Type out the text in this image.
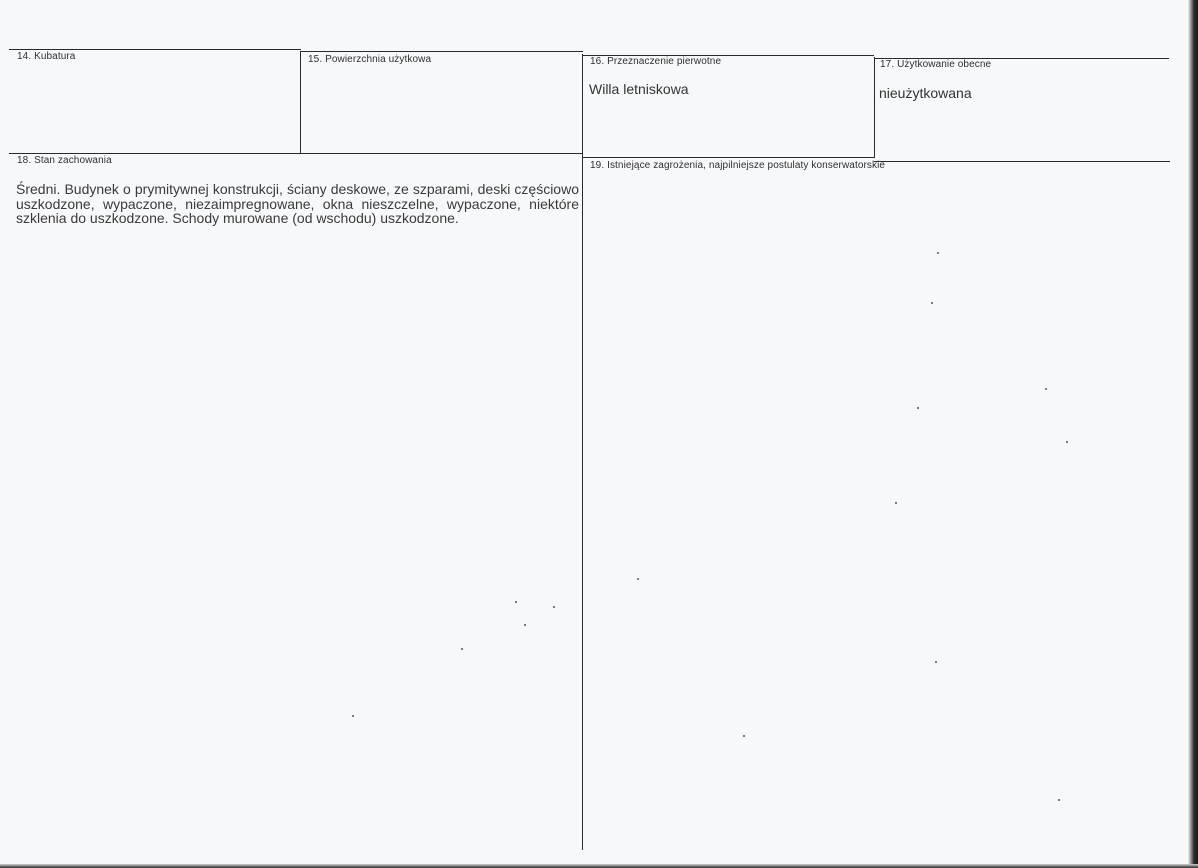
14. Kubatura	15. Powierzchnia użytkowa	16. Przeznaczenie pierwotne
Willa letniskowa
17. Użytkowanie obecne
nieużytkowana
18. Stan zachowania
Średni. Budynek o prymitywnej konstrukcji, ściany deskowe, ze szparami, deski częściowo uszkodzone, wypaczone, niezaimpregnowane, okna nieszczelne, wypaczone, niektóre szklenia do uszkodzone. Schody murowane (od wschodu) uszkodzone.
19. Istniejące zagrożenia, najpilniejsze postulaty konserwatorskie
